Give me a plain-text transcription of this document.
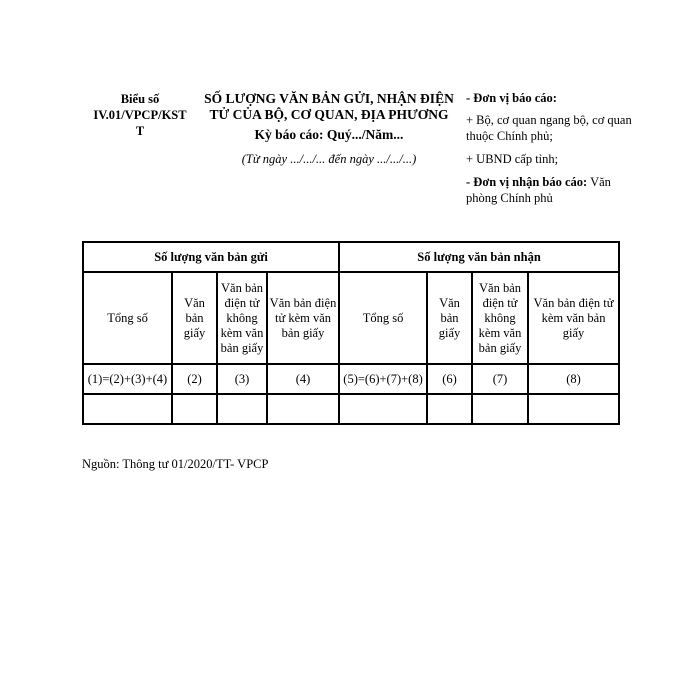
Biểu số
IV.01/VPCP/KST
T
SỐ LƯỢNG VĂN BẢN GỬI, NHẬN ĐIỆN
TỬ CỦA BỘ, CƠ QUAN, ĐỊA PHƯƠNG
Kỳ báo cáo: Quý.../Năm...
(Từ ngày .../.../... đến ngày .../.../...)
- Đơn vị báo cáo:
+ Bộ, cơ quan ngang bộ, cơ quan thuộc Chính phủ;
+ UBND cấp tỉnh;
- Đơn vị nhận báo cáo: Văn phòng Chính phủ
Số lượng văn bản gửi				Số lượng văn bản nhận			
Tổng số	Văn bản giấy	Văn bản điện tử không kèm văn bản giấy	Văn bản điện tử kèm văn bản giấy	Tổng số	Văn bản giấy	Văn bản điện tử không kèm văn bản giấy	Văn bản điện tử kèm văn bản giấy
(1)=(2)+(3)+(4)	(2)	(3)	(4)	(5)=(6)+(7)+(8)	(6)	(7)	(8)

Nguồn: Thông tư 01/2020/TT- VPCP
